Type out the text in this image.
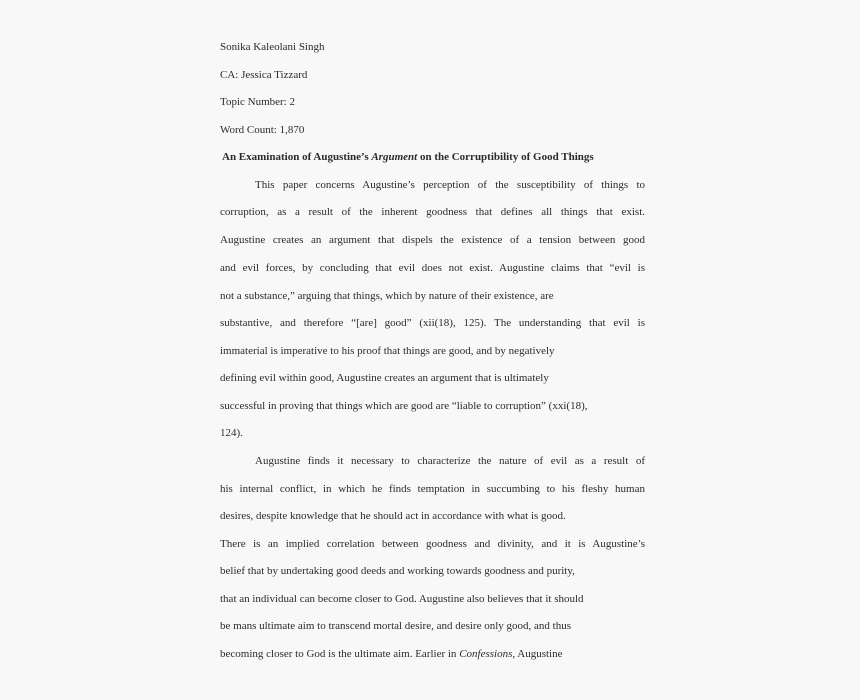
Sonika Kaleolani Singh
CA: Jessica Tizzard
Topic Number: 2
Word Count: 1,870
An Examination of Augustine’s Argument on the Corruptibility of Good Things
This paper concerns Augustine’s perception of the susceptibility of things to
corruption, as a result of the inherent goodness that defines all things that exist.
Augustine creates an argument that dispels the existence of a tension between good
and evil forces, by concluding that evil does not exist. Augustine claims that “evil is
not a substance,” arguing that things, which by nature of their existence, are
substantive, and therefore “[are] good” (xii(18), 125). The understanding that evil is
immaterial is imperative to his proof that things are good, and by negatively
defining evil within good, Augustine creates an argument that is ultimately
successful in proving that things which are good are “liable to corruption” (xxi(18),
124).
Augustine finds it necessary to characterize the nature of evil as a result of
his internal conflict, in which he finds temptation in succumbing to his fleshy human
desires, despite knowledge that he should act in accordance with what is good.
There is an implied correlation between goodness and divinity, and it is Augustine’s
belief that by undertaking good deeds and working towards goodness and purity,
that an individual can become closer to God. Augustine also believes that it should
be mans ultimate aim to transcend mortal desire, and desire only good, and thus
becoming closer to God is the ultimate aim. Earlier in Confessions, Augustine
